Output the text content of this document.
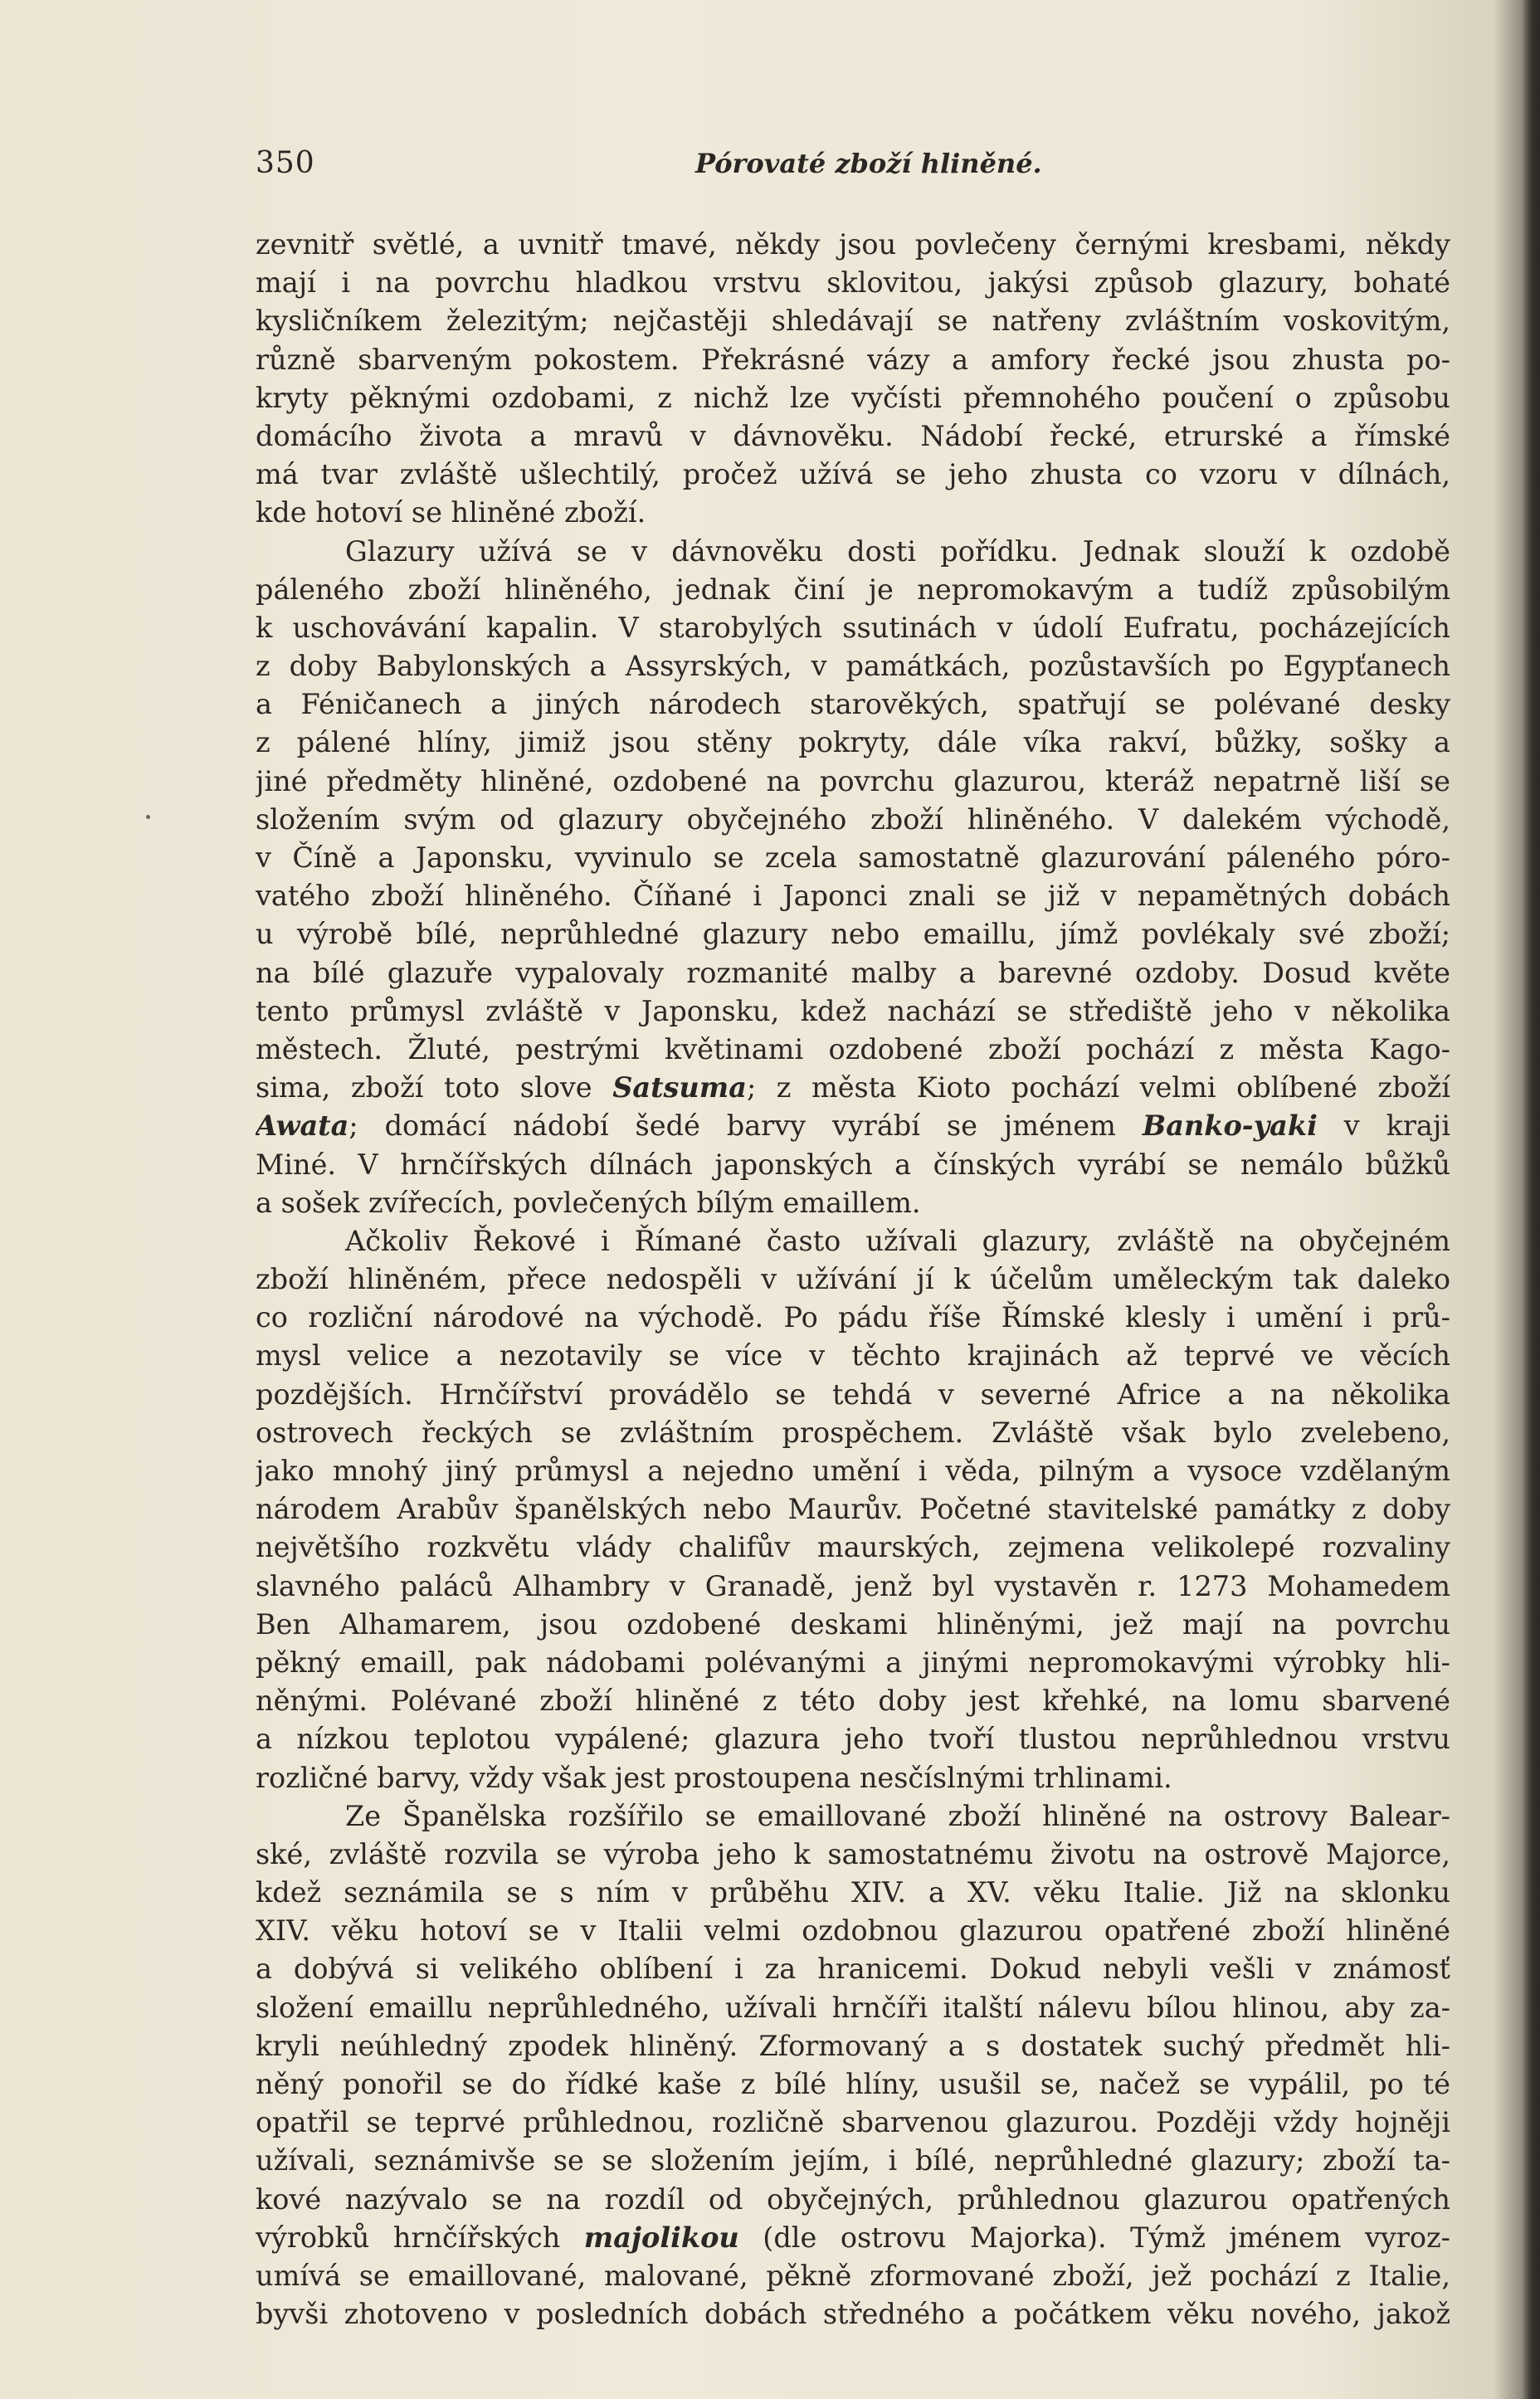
350	Pórovaté zboží hliněné.
zevnitř světlé, a uvnitř tmavé, někdy jsou povlečeny černými kresbami, někdy
mají i na povrchu hladkou vrstvu sklovitou, jakýsi způsob glazury, bohaté
kysličníkem železitým; nejčastěji shledávají se natřeny zvláštním voskovitým,
různě sbarveným pokostem. Překrásné vázy a amfory řecké jsou zhusta po-
kryty pěknými ozdobami, z nichž lze vyčísti přemnohého poučení o způsobu
domácího života a mravů v dávnověku. Nádobí řecké, etrurské a římské
má tvar zvláště ušlechtilý, pročež užívá se jeho zhusta co vzoru v dílnách,
kde hotoví se hliněné zboží.
Glazury užívá se v dávnověku dosti pořídku. Jednak slouží k ozdobě
páleného zboží hliněného, jednak činí je nepromokavým a tudíž způsobilým
k uschovávání kapalin. V starobylých ssutinách v údolí Eufratu, pocházejících
z doby Babylonských a Assyrských, v památkách, pozůstavších po Egypťanech
a Féničanech a jiných národech starověkých, spatřují se polévané desky
z pálené hlíny, jimiž jsou stěny pokryty, dále víka rakví, bůžky, sošky a
jiné předměty hliněné, ozdobené na povrchu glazurou, kteráž nepatrně liší se
složením svým od glazury obyčejného zboží hliněného. V dalekém východě,
v Číně a Japonsku, vyvinulo se zcela samostatně glazurování páleného póro-
vatého zboží hliněného. Číňané i Japonci znali se již v nepamětných dobách
u výrobě bílé, neprůhledné glazury nebo emaillu, jímž povlékaly své zboží;
na bílé glazuře vypalovaly rozmanité malby a barevné ozdoby. Dosud květe
tento průmysl zvláště v Japonsku, kdež nachází se střediště jeho v několika
městech. Žluté, pestrými květinami ozdobené zboží pochází z města Kago-
sima, zboží toto slove Satsuma; z města Kioto pochází velmi oblíbené zboží
Awata; domácí nádobí šedé barvy vyrábí se jménem Banko-yaki v kraji
Miné. V hrnčířských dílnách japonských a čínských vyrábí se nemálo bůžků
a sošek zvířecích, povlečených bílým emaillem.
Ačkoliv Řekové i Římané často užívali glazury, zvláště na obyčejném
zboží hliněném, přece nedospěli v užívání jí k účelům uměleckým tak daleko
co rozliční národové na východě. Po pádu říše Římské klesly i umění i prů-
mysl velice a nezotavily se více v těchto krajinách až teprvé ve věcích
pozdějších. Hrnčířství provádělo se tehdá v severné Africe a na několika
ostrovech řeckých se zvláštním prospěchem. Zvláště však bylo zvelebeno,
jako mnohý jiný průmysl a nejedno umění i věda, pilným a vysoce vzdělaným
národem Arabův španělských nebo Maurův. Početné stavitelské památky z doby
největšího rozkvětu vlády chalifův maurských, zejmena velikolepé rozvaliny
slavného paláců Alhambry v Granadě, jenž byl vystavěn r. 1273 Mohamedem
Ben Alhamarem, jsou ozdobené deskami hliněnými, jež mají na povrchu
pěkný emaill, pak nádobami polévanými a jinými nepromokavými výrobky hli-
něnými. Polévané zboží hliněné z této doby jest křehké, na lomu sbarvené
a nízkou teplotou vypálené; glazura jeho tvoří tlustou neprůhlednou vrstvu
rozličné barvy, vždy však jest prostoupena nesčíslnými trhlinami.
Ze Španělska rozšířilo se emaillované zboží hliněné na ostrovy Balear-
ské, zvláště rozvila se výroba jeho k samostatnému životu na ostrově Majorce,
kdež seznámila se s ním v průběhu XIV. a XV. věku Italie. Již na sklonku
XIV. věku hotoví se v Italii velmi ozdobnou glazurou opatřené zboží hliněné
a dobývá si velikého oblíbení i za hranicemi. Dokud nebyli vešli v známosť
složení emaillu neprůhledného, užívali hrnčíři italští nálevu bílou hlinou, aby za-
kryli neúhledný zpodek hliněný. Zformovaný a s dostatek suchý předmět hli-
něný ponořil se do řídké kaše z bílé hlíny, usušil se, načež se vypálil, po té
opatřil se teprvé průhlednou, rozličně sbarvenou glazurou. Později vždy hojněji
užívali, seznámivše se se složením jejím, i bílé, neprůhledné glazury; zboží ta-
kové nazývalo se na rozdíl od obyčejných, průhlednou glazurou opatřených
výrobků hrnčířských majolikou (dle ostrovu Majorka). Týmž jménem vyroz-
umívá se emaillované, malované, pěkně zformované zboží, jež pochází z Italie,
byvši zhotoveno v posledních dobách středného a počátkem věku nového, jakož
